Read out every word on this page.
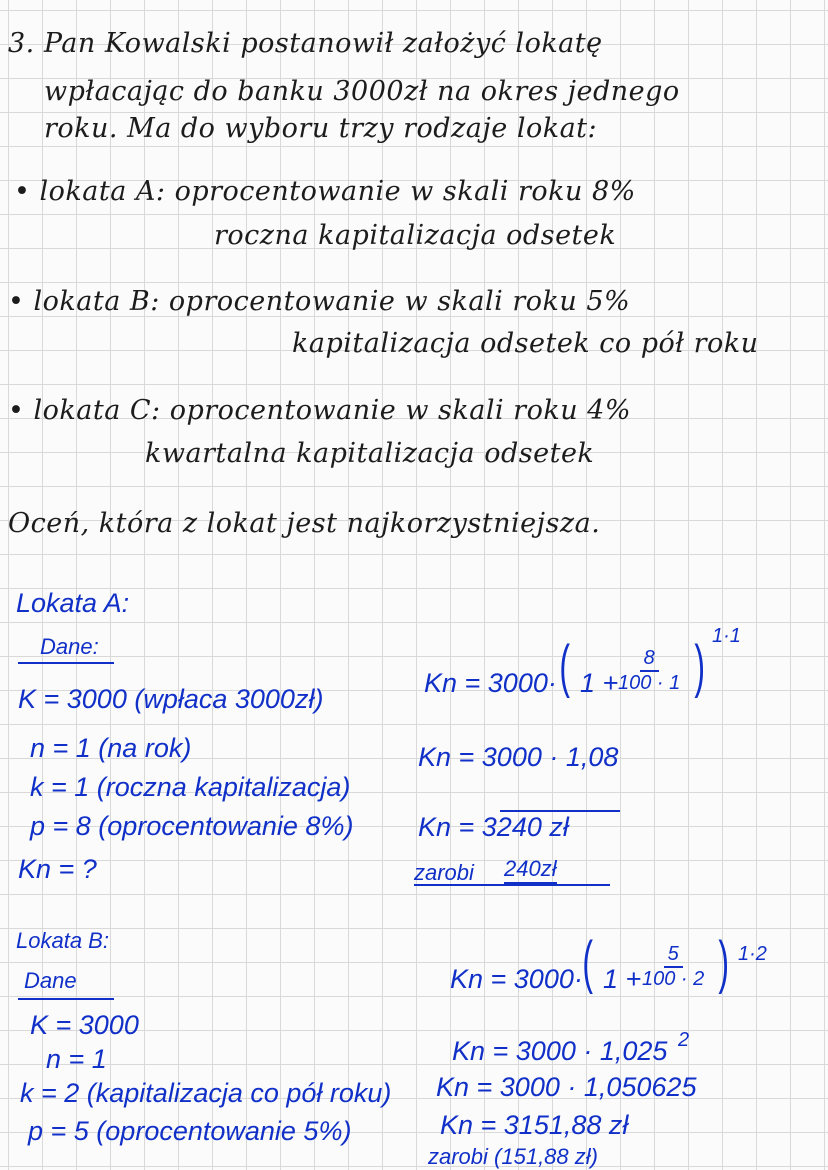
3. Pan Kowalski postanowił założyć lokatę
wpłacając do banku 3000zł na okres jednego
roku. Ma do wyboru trzy rodzaje lokat:
• lokata A: oprocentowanie w skali roku 8%
roczna kapitalizacja odsetek
• lokata B: oprocentowanie w skali roku 5%
kapitalizacja odsetek co pół roku
• lokata C: oprocentowanie w skali roku 4%
kwartalna kapitalizacja odsetek
Oceń, która z lokat jest najkorzystniejsza.
Lokata A:
Dane:
K = 3000 (wpłaca 3000zł)
n = 1 (na rok)
k = 1 (roczna kapitalizacja)
p = 8 (oprocentowanie 8%)
Kn = ?
Kn = 3000· ( $1 + \frac{8}{100 \cdot 1}$ ) 1·1
Kn = 3000 · 1,08
Kn = 3240 zł
zarobi 240zł
Lokata B:
Dane
K = 3000
n = 1
k = 2 (kapitalizacja co pół roku)
p = 5 (oprocentowanie 5%)
Kn = 3000· ( $1 + \frac{5}{100 \cdot 2}$ ) 1·2
Kn = 3000 · 1,025 2
Kn = 3000 · 1,050625
Kn = 3151,88 zł
zarobi (151,88 zł)
